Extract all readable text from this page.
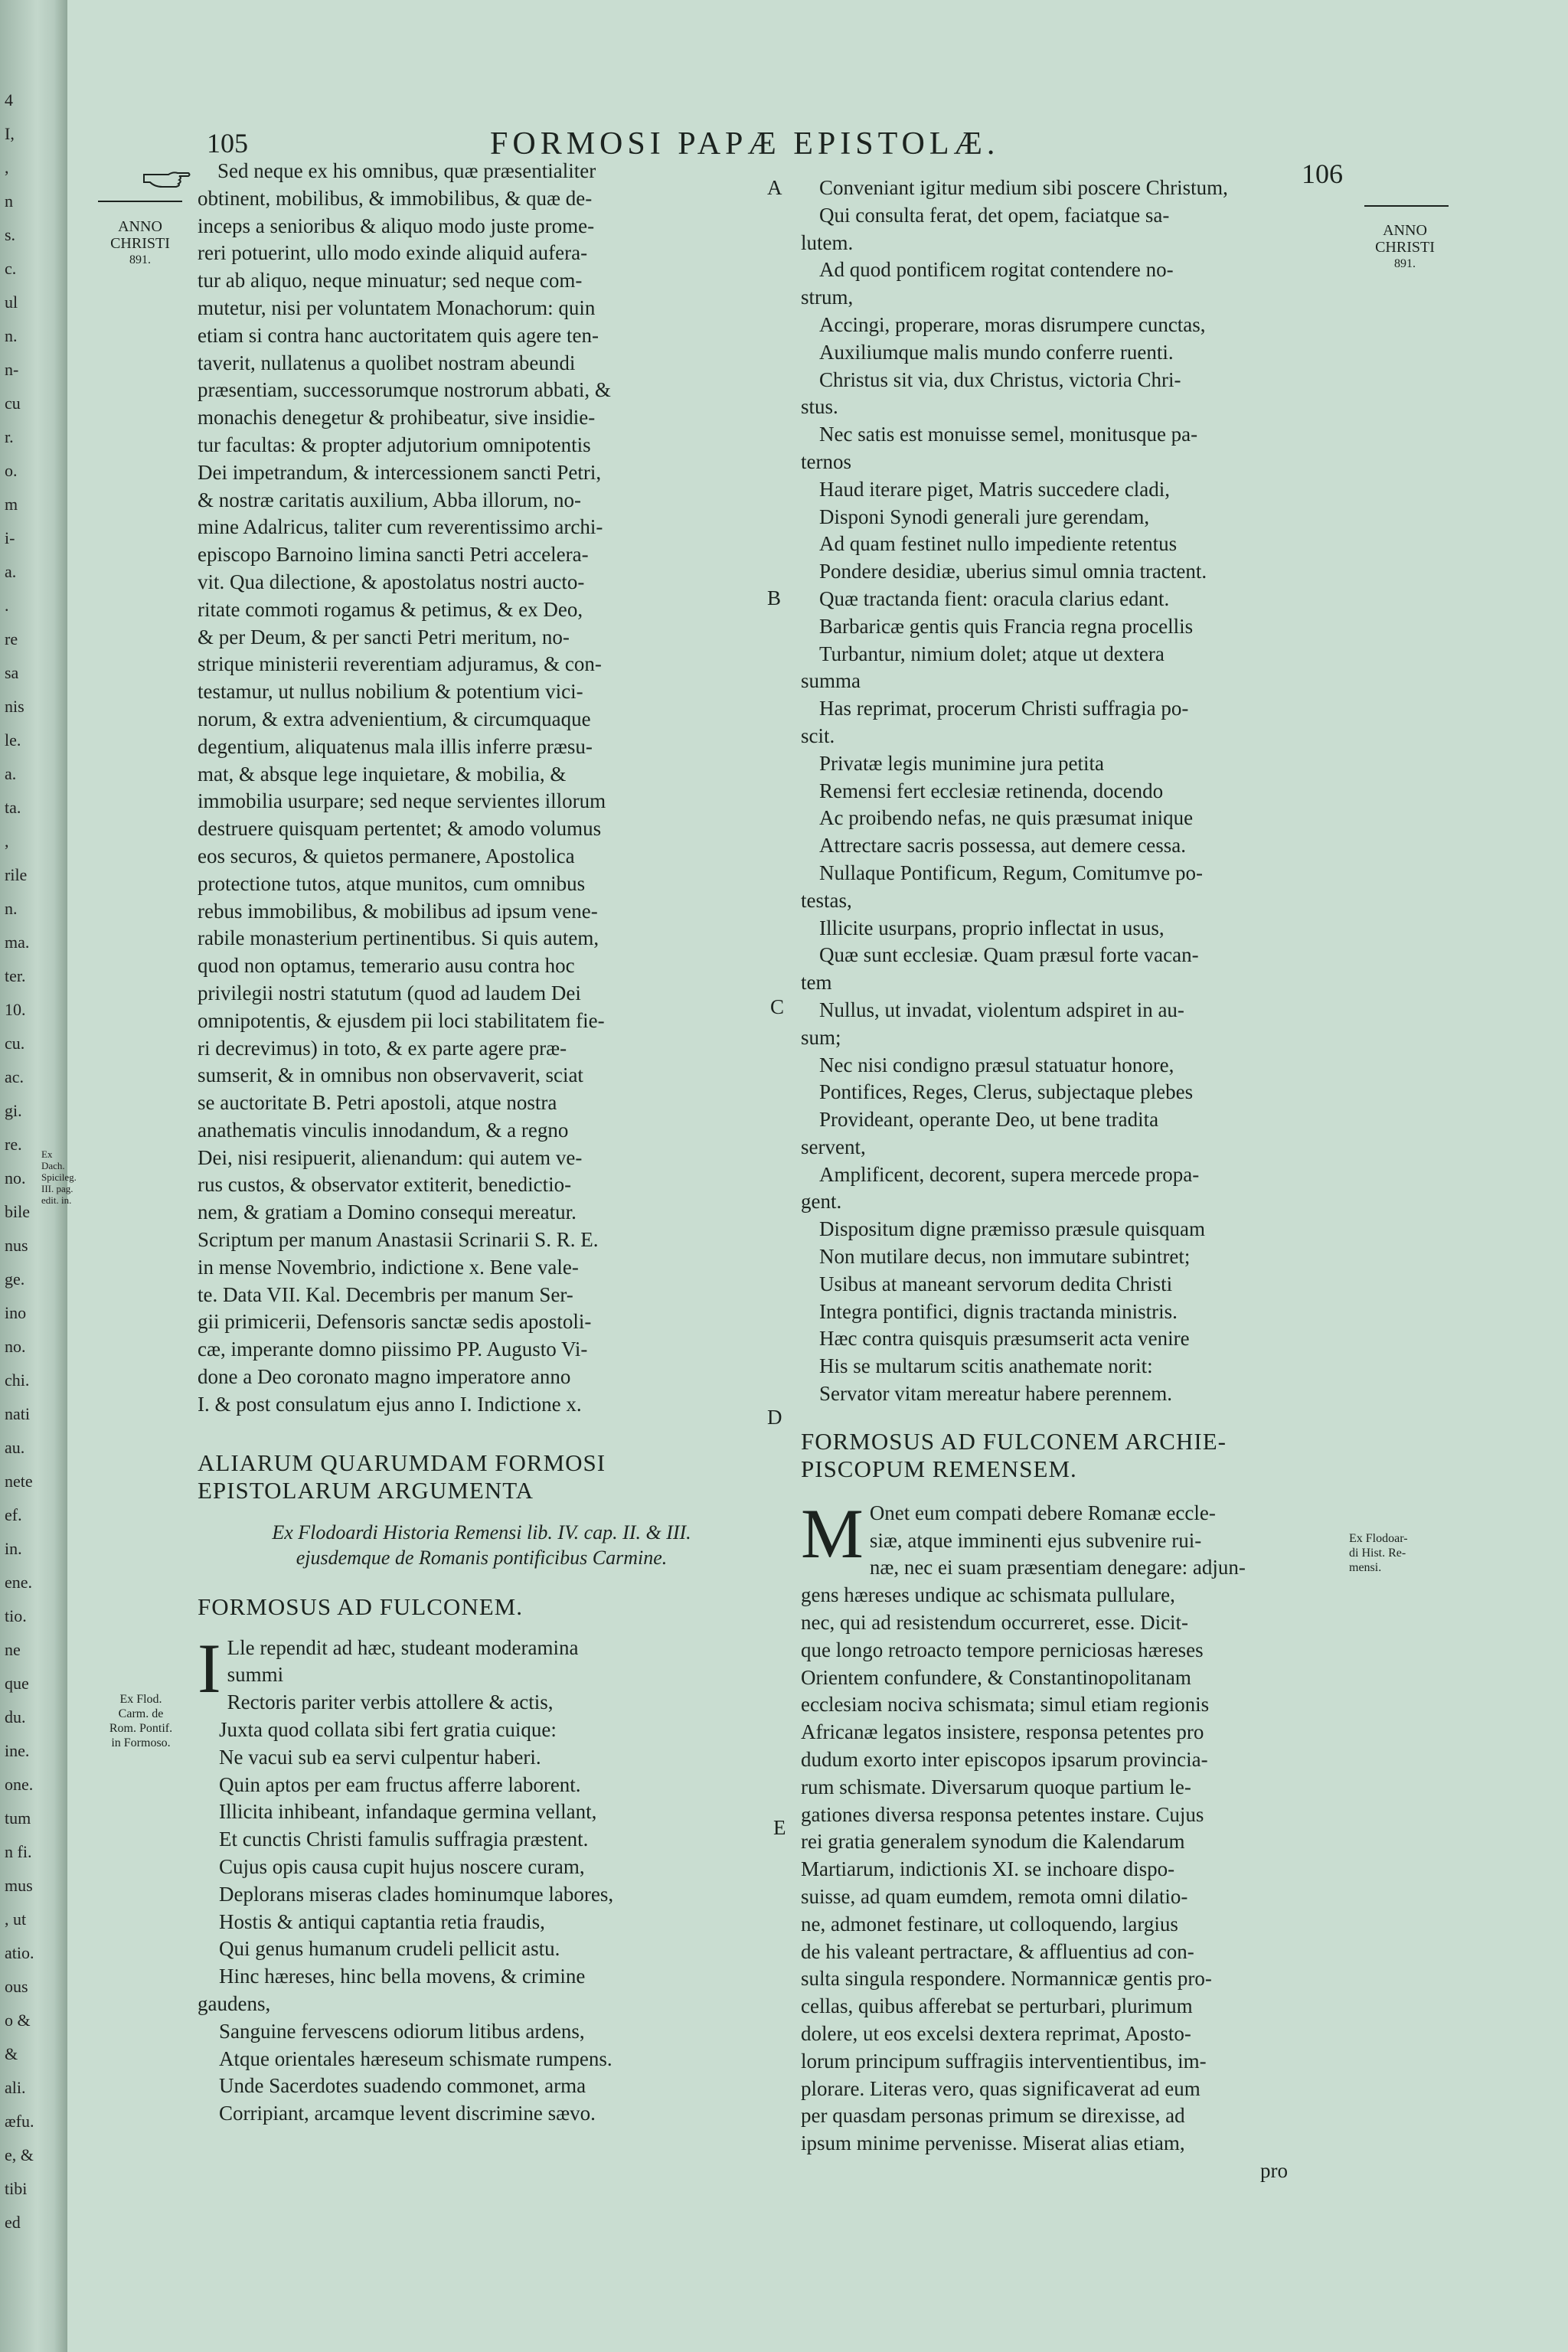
4
I,
,
n
s.
c.
ul
n.
n-
cu
r.
o.
m
i-
a.
.
re
sa
nis
le.
a.
ta.
,
rile
n.
ma.
ter.
10.
cu.
ac.
gi.
re.
no.
bile
nus
ge.
ino
no.
chi.
nati
au.
nete
ef.
in.
ene.
tio.
ne
que
du.
ine.
one.
tum
n fi.
mus
, ut
atio.
ous
o &
&
ali.
æfu.
e, &
tibi
ed
Ex Dach.
Spicileg.
III. pag.
edit. in.
105	FORMOSI PAPÆ EPISTOLÆ.
106
ANNO
CHRISTI
891.
Ex Flod.
Carm. de
Rom. Pontif.
in Formoso.
ANNO
CHRISTI
891.
Ex Flodoar-
di Hist. Re-
mensi.
A
B
C
D
E
Sed neque ex his omnibus, quæ præsentialiter
obtinent, mobilibus, & immobilibus, & quæ de-
inceps a senioribus & aliquo modo juste prome-
reri potuerint, ullo modo exinde aliquid aufera-
tur ab aliquo, neque minuatur; sed neque com-
mutetur, nisi per voluntatem Monachorum: quin
etiam si contra hanc auctoritatem quis agere ten-
taverit, nullatenus a quolibet nostram abeundi
præsentiam, successorumque nostrorum abbati, &
monachis denegetur & prohibeatur, sive insidie-
tur facultas: & propter adjutorium omnipotentis
Dei impetrandum, & intercessionem sancti Petri,
& nostræ caritatis auxilium, Abba illorum, no-
mine Adalricus, taliter cum reverentissimo archi-
episcopo Barnoino limina sancti Petri accelera-
vit. Qua dilectione, & apostolatus nostri aucto-
ritate commoti rogamus & petimus, & ex Deo,
& per Deum, & per sancti Petri meritum, no-
strique ministerii reverentiam adjuramus, & con-
testamur, ut nullus nobilium & potentium vici-
norum, & extra advenientium, & circumquaque
degentium, aliquatenus mala illis inferre præsu-
mat, & absque lege inquietare, & mobilia, &
immobilia usurpare; sed neque servientes illorum
destruere quisquam pertentet; & amodo volumus
eos securos, & quietos permanere, Apostolica
protectione tutos, atque munitos, cum omnibus
rebus immobilibus, & mobilibus ad ipsum vene-
rabile monasterium pertinentibus. Si quis autem,
quod non optamus, temerario ausu contra hoc
privilegii nostri statutum (quod ad laudem Dei
omnipotentis, & ejusdem pii loci stabilitatem fie-
ri decrevimus) in toto, & ex parte agere præ-
sumserit, & in omnibus non observaverit, sciat
se auctoritate B. Petri apostoli, atque nostra
anathematis vinculis innodandum, & a regno
Dei, nisi resipuerit, alienandum: qui autem ve-
rus custos, & observator extiterit, benedictio-
nem, & gratiam a Domino consequi mereatur.
Scriptum per manum Anastasii Scrinarii S. R. E.
in mense Novembrio, indictione x. Bene vale-
te. Data VII. Kal. Decembris per manum Ser-
gii primicerii, Defensoris sanctæ sedis apostoli-
cæ, imperante domno piissimo PP. Augusto Vi-
done a Deo coronato magno imperatore anno
I. & post consulatum ejus anno I. Indictione x.

ALIARUM QUARUMDAM FORMOSI

EPISTOLARUM ARGUMENTA

Ex Flodoardi Historia Remensi lib. IV. cap. II. & III.
ejusdemque de Romanis pontificibus Carmine.

FORMOSUS AD FULCONEM.

I Lle rependit ad hæc, studeant moderamina
summi
Rectoris pariter verbis attollere & actis,
Juxta quod collata sibi fert gratia cuique:
Ne vacui sub ea servi culpentur haberi.
Quin aptos per eam fructus afferre laborent.
Illicita inhibeant, infandaque germina vellant,
Et cunctis Christi famulis suffragia præstent.
Cujus opis causa cupit hujus noscere curam,
Deplorans miseras clades hominumque labores,
Hostis & antiqui captantia retia fraudis,
Qui genus humanum crudeli pellicit astu.
Hinc hæreses, hinc bella movens, & crimine
gaudens,
Sanguine fervescens odiorum litibus ardens,
Atque orientales hæreseum schismate rumpens.
Unde Sacerdotes suadendo commonet, arma
Corripiant, arcamque levent discrimine sævo.
Conveniant igitur medium sibi poscere Christum,
Qui consulta ferat, det opem, faciatque sa-
lutem.
Ad quod pontificem rogitat contendere no-
strum,
Accingi, properare, moras disrumpere cunctas,
Auxiliumque malis mundo conferre ruenti.
Christus sit via, dux Christus, victoria Chri-
stus.
Nec satis est monuisse semel, monitusque pa-
ternos
Haud iterare piget, Matris succedere cladi,
Disponi Synodi generali jure gerendam,
Ad quam festinet nullo impediente retentus
Pondere desidiæ, uberius simul omnia tractent.
Quæ tractanda fient: oracula clarius edant.
Barbaricæ gentis quis Francia regna procellis
Turbantur, nimium dolet; atque ut dextera
summa
Has reprimat, procerum Christi suffragia po-
scit.
Privatæ legis munimine jura petita
Remensi fert ecclesiæ retinenda, docendo
Ac proibendo nefas, ne quis præsumat inique
Attrectare sacris possessa, aut demere cessa.
Nullaque Pontificum, Regum, Comitumve po-
testas,
Illicite usurpans, proprio inflectat in usus,
Quæ sunt ecclesiæ. Quam præsul forte vacan-
tem
Nullus, ut invadat, violentum adspiret in au-
sum;
Nec nisi condigno præsul statuatur honore,
Pontifices, Reges, Clerus, subjectaque plebes
Provideant, operante Deo, ut bene tradita
servent,
Amplificent, decorent, supera mercede propa-
gent.
Dispositum digne præmisso præsule quisquam
Non mutilare decus, non immutare subintret;
Usibus at maneant servorum dedita Christi
Integra pontifici, dignis tractanda ministris.
Hæc contra quisquis præsumserit acta venire
His se multarum scitis anathemate norit:
Servator vitam mereatur habere perennem.

FORMOSUS AD FULCONEM ARCHIE-

PISCOPUM REMENSEM.

M Onet eum compati debere Romanæ eccle-
siæ, atque imminenti ejus subvenire rui-
næ, nec ei suam præsentiam denegare: adjun-
gens hæreses undique ac schismata pullulare,
nec, qui ad resistendum occurreret, esse. Dicit-
que longo retroacto tempore perniciosas hæreses
Orientem confundere, & Constantinopolitanam
ecclesiam nociva schismata; simul etiam regionis
Africanæ legatos insistere, responsa petentes pro
dudum exorto inter episcopos ipsarum provincia-
rum schismate. Diversarum quoque partium le-
gationes diversa responsa petentes instare. Cujus
rei gratia generalem synodum die Kalendarum
Martiarum, indictionis XI. se inchoare dispo-
suisse, ad quam eumdem, remota omni dilatio-
ne, admonet festinare, ut colloquendo, largius
de his valeant pertractare, & affluentius ad con-
sulta singula respondere. Normannicæ gentis pro-
cellas, quibus afferebat se perturbari, plurimum
dolere, ut eos excelsi dextera reprimat, Aposto-
lorum principum suffragiis interventientibus, im-
plorare. Literas vero, quas significaverat ad eum
per quasdam personas primum se direxisse, ad
ipsum minime pervenisse. Miserat alias etiam,
pro
